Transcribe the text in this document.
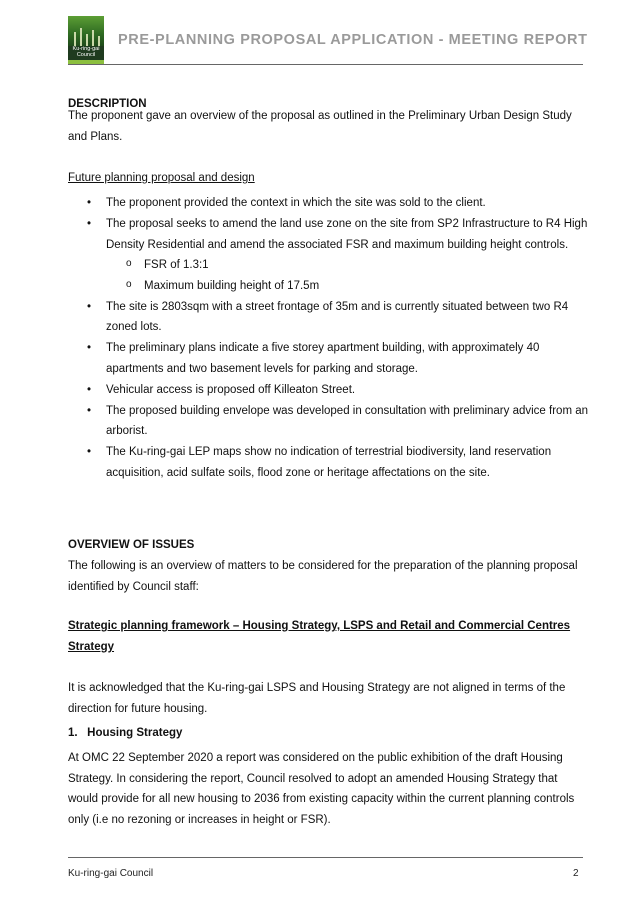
Ku-ring-gai
Council
PRE-PLANNING PROPOSAL APPLICATION - MEETING REPORT
DESCRIPTION
The proponent gave an overview of the proposal as outlined in the Preliminary Urban Design Study and Plans.
Future planning proposal and design
• The proponent provided the context in which the site was sold to the client.
• The proposal seeks to amend the land use zone on the site from SP2 Infrastructure to R4 High Density Residential and amend the associated FSR and maximum building height controls.
o FSR of 1.3:1
o Maximum building height of 17.5m
• The site is 2803sqm with a street frontage of 35m and is currently situated between two R4 zoned lots.
• The preliminary plans indicate a five storey apartment building, with approximately 40 apartments and two basement levels for parking and storage.
• Vehicular access is proposed off Killeaton Street.
• The proposed building envelope was developed in consultation with preliminary advice from an arborist.
• The Ku-ring-gai LEP maps show no indication of terrestrial biodiversity, land reservation acquisition, acid sulfate soils, flood zone or heritage affectations on the site.
OVERVIEW OF ISSUES
The following is an overview of matters to be considered for the preparation of the planning proposal identified by Council staff:
Strategic planning framework – Housing Strategy, LSPS and Retail and Commercial Centres Strategy
It is acknowledged that the Ku-ring-gai LSPS and Housing Strategy are not aligned in terms of the direction for future housing.
1.   Housing Strategy
At OMC 22 September 2020 a report was considered on the public exhibition of the draft Housing Strategy. In considering the report, Council resolved to adopt an amended Housing Strategy that would provide for all new housing to 2036 from existing capacity within the current planning controls only (i.e no rezoning or increases in height or FSR).
Ku-ring-gai Council	2
